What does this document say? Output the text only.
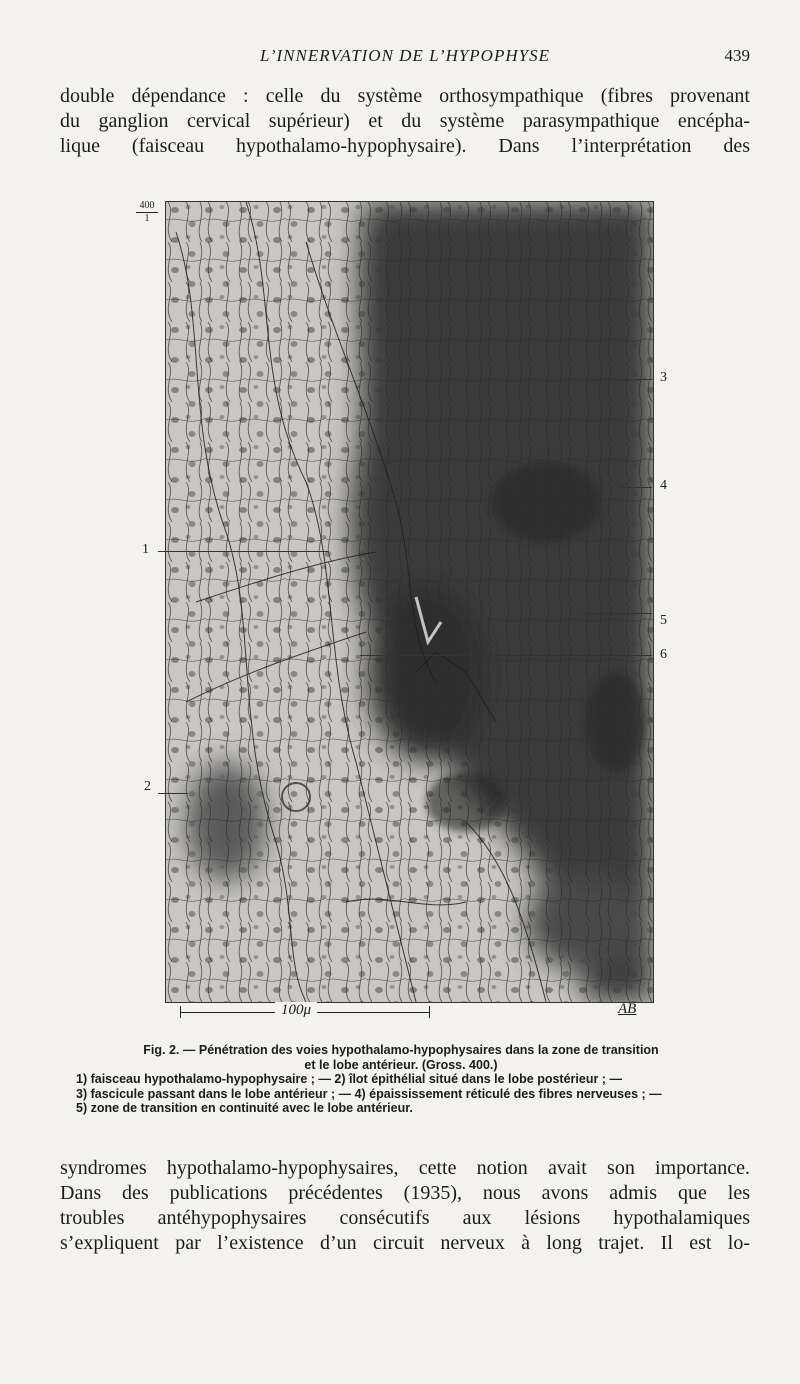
L’INNERVATION DE L’HYPOPHYSE	439

double dépendance : celle du système orthosympathique (fibres provenant
du ganglion cervical supérieur) et du système parasympathique encépha-
lique (faisceau hypothalamo-hypophysaire). Dans l’interprétation des

400
1
1
2
3
4
5
6
100μ	AB
Fig. 2. — Pénétration des voies hypothalamo-hypophysaires dans la zone de transition
et le lobe antérieur. (Gross. 400.)
1) faisceau hypothalamo-hypophysaire ; — 2) îlot épithélial situé dans le lobe postérieur ; —
3) fascicule passant dans le lobe antérieur ; — 4) épaississement réticulé des fibres nerveuses ; —
5) zone de transition en continuité avec le lobe antérieur.

syndromes hypothalamo-hypophysaires, cette notion avait son importance.
Dans des publications précédentes (1935), nous avons admis que les
troubles antéhypophysaires consécutifs aux lésions hypothalamiques
s’expliquent par l’existence d’un circuit nerveux à long trajet. Il est lo-
